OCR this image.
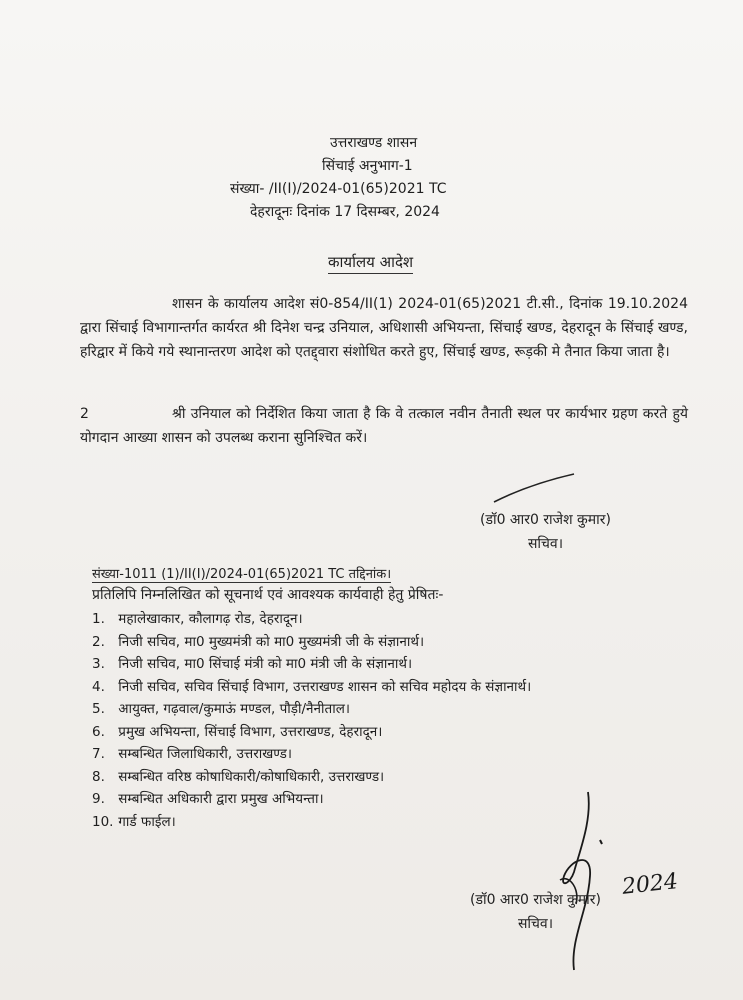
उत्तराखण्ड शासन
सिंचाई अनुभाग-1
संख्या- /II(I)/2024-01(65)2021 TC
देहरादूनः दिनांक 17 दिसम्बर, 2024
कार्यालय आदेश
शासन के कार्यालय आदेश सं0-854/II(1) 2024-01(65)2021 टी.सी., दिनांक 19.10.2024 द्वारा सिंचाई विभागान्तर्गत कार्यरत श्री दिनेश चन्द्र उनियाल, अधिशासी अभियन्ता, सिंचाई खण्ड, देहरादून के सिंचाई खण्ड, हरिद्वार में किये गये स्थानान्तरण आदेश को एतद्द्वारा संशोधित करते हुए, सिंचाई खण्ड, रूड़की मे तैनात किया जाता है।
2	श्री उनियाल को निर्देशित किया जाता है कि वे तत्काल नवीन तैनाती स्थल पर कार्यभार ग्रहण करते हुये योगदान आख्या शासन को उपलब्ध कराना सुनिश्चित करें।
(डॉ0 आर0 राजेश कुमार)
सचिव।
संख्या-1011 (1)/II(I)/2024-01(65)2021 TC तद्दिनांक।
प्रतिलिपि निम्नलिखित को सूचनार्थ एवं आवश्यक कार्यवाही हेतु प्रेषितः-
1. महालेखाकार, कौलागढ़ रोड, देहरादून।
2. निजी सचिव, मा0 मुख्यमंत्री को मा0 मुख्यमंत्री जी के संज्ञानार्थ।
3. निजी सचिव, मा0 सिंचाई मंत्री को मा0 मंत्री जी के संज्ञानार्थ।
4. निजी सचिव, सचिव सिंचाई विभाग, उत्तराखण्ड शासन को सचिव महोदय के संज्ञानार्थ।
5. आयुक्त, गढ़वाल/कुमाऊं मण्डल, पौड़ी/नैनीताल।
6. प्रमुख अभियन्ता, सिंचाई विभाग, उत्तराखण्ड, देहरादून।
7. सम्बन्धित जिलाधिकारी, उत्तराखण्ड।
8. सम्बन्धित वरिष्ठ कोषाधिकारी/कोषाधिकारी, उत्तराखण्ड।
9. सम्बन्धित अधिकारी द्वारा प्रमुख अभियन्ता।
10. गार्ड फाईल।
2024
(डॉ0 आर0 राजेश कुमार)
सचिव।
